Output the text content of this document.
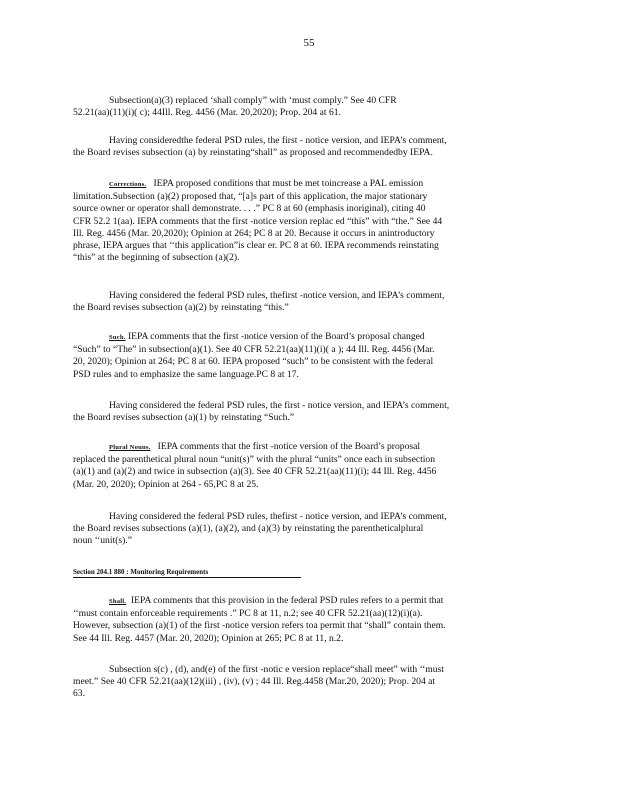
55
Subsection(a)(3) replaced ‘shall comply” with ‘must comply.” See 40 CFR
52.21(aa)(11)(i)( c); 44Ill. Reg. 4456 (Mar. 20,2020); Prop. 204 at 61.
Having consideredthe federal PSD rules, the first - notice version, and IEPA’s comment,
the Board revises subsection (a) by reinstating“shall” as proposed and recommendedby IEPA.
Corrections. IEPA proposed conditions that must be met toincrease a PAL emission
limitation.Subsection (a)(2) proposed that, “[a]s part of this application, the major stationary
source owner or operator shall demonstrate. . . .” PC 8 at 60 (emphasis inoriginal), citing 40
CFR 52.2 1(aa). IEPA comments that the first -notice version replac ed “this” with “the.” See 44
Ill. Reg. 4456 (Mar. 20,2020); Opinion at 264; PC 8 at 20. Because it occurs in anintroductory
phrase, IEPA argues that ‘‘this application”is clear er. PC 8 at 60. IEPA recommends reinstating
“this” at the beginning of subsection (a)(2).
Having considered the federal PSD rules, thefirst -notice version, and IEPA’s comment,
the Board revises subsection (a)(2) by reinstating “this.”
Such. IEPA comments that the first -notice version of the Board’s proposal changed
“Such” to “The” in subsection(a)(1). See 40 CFR 52.21(aa)(11)(i)( a ); 44 Ill. Reg. 4456 (Mar.
20, 2020); Opinion at 264; PC 8 at 60. IEPA proposed “such” to be consistent with the federal
PSD rules and to emphasize the same language.PC 8 at 17.
Having considered the federal PSD rules, the first - notice version, and IEPA’s comment,
the Board revises subsection (a)(1) by reinstating “Such.”
Plural Nouns. IEPA comments that the first -notice version of the Board’s proposal
replaced the parenthetical plural noun “unit(s)” with the plural “units” once each in subsection
(a)(1) and (a)(2) and twice in subsection (a)(3). See 40 CFR 52.21(aa)(11)(i); 44 Ill. Reg. 4456
(Mar. 20, 2020); Opinion at 264 - 65,PC 8 at 25.
Having considered the federal PSD rules, thefirst - notice version, and IEPA’s comment,
the Board revises subsections (a)(1), (a)(2), and (a)(3) by reinstating the parentheticalplural
noun ‘‘unit(s).”
Section 204.1 880 : Monitoring Requirements
Shall. IEPA comments that this provision in the federal PSD rules refers to a permit that
‘‘must contain enforceable requirements .” PC 8 at 11, n.2; see 40 CFR 52.21(aa)(12)(i)(a).
However, subsection (a)(1) of the first -notice version refers toa permit that “shall” contain them.
See 44 Ill. Reg. 4457 (Mar. 20, 2020); Opinion at 265; PC 8 at 11, n.2.
Subsection s(c) , (d), and(e) of the first -notic e version replace“shall meet” with ‘‘must
meet.” See 40 CFR 52.21(aa)(12)(iii) , (iv), (v) ; 44 Ill. Reg.4458 (Mar.20, 2020); Prop. 204 at
63.
